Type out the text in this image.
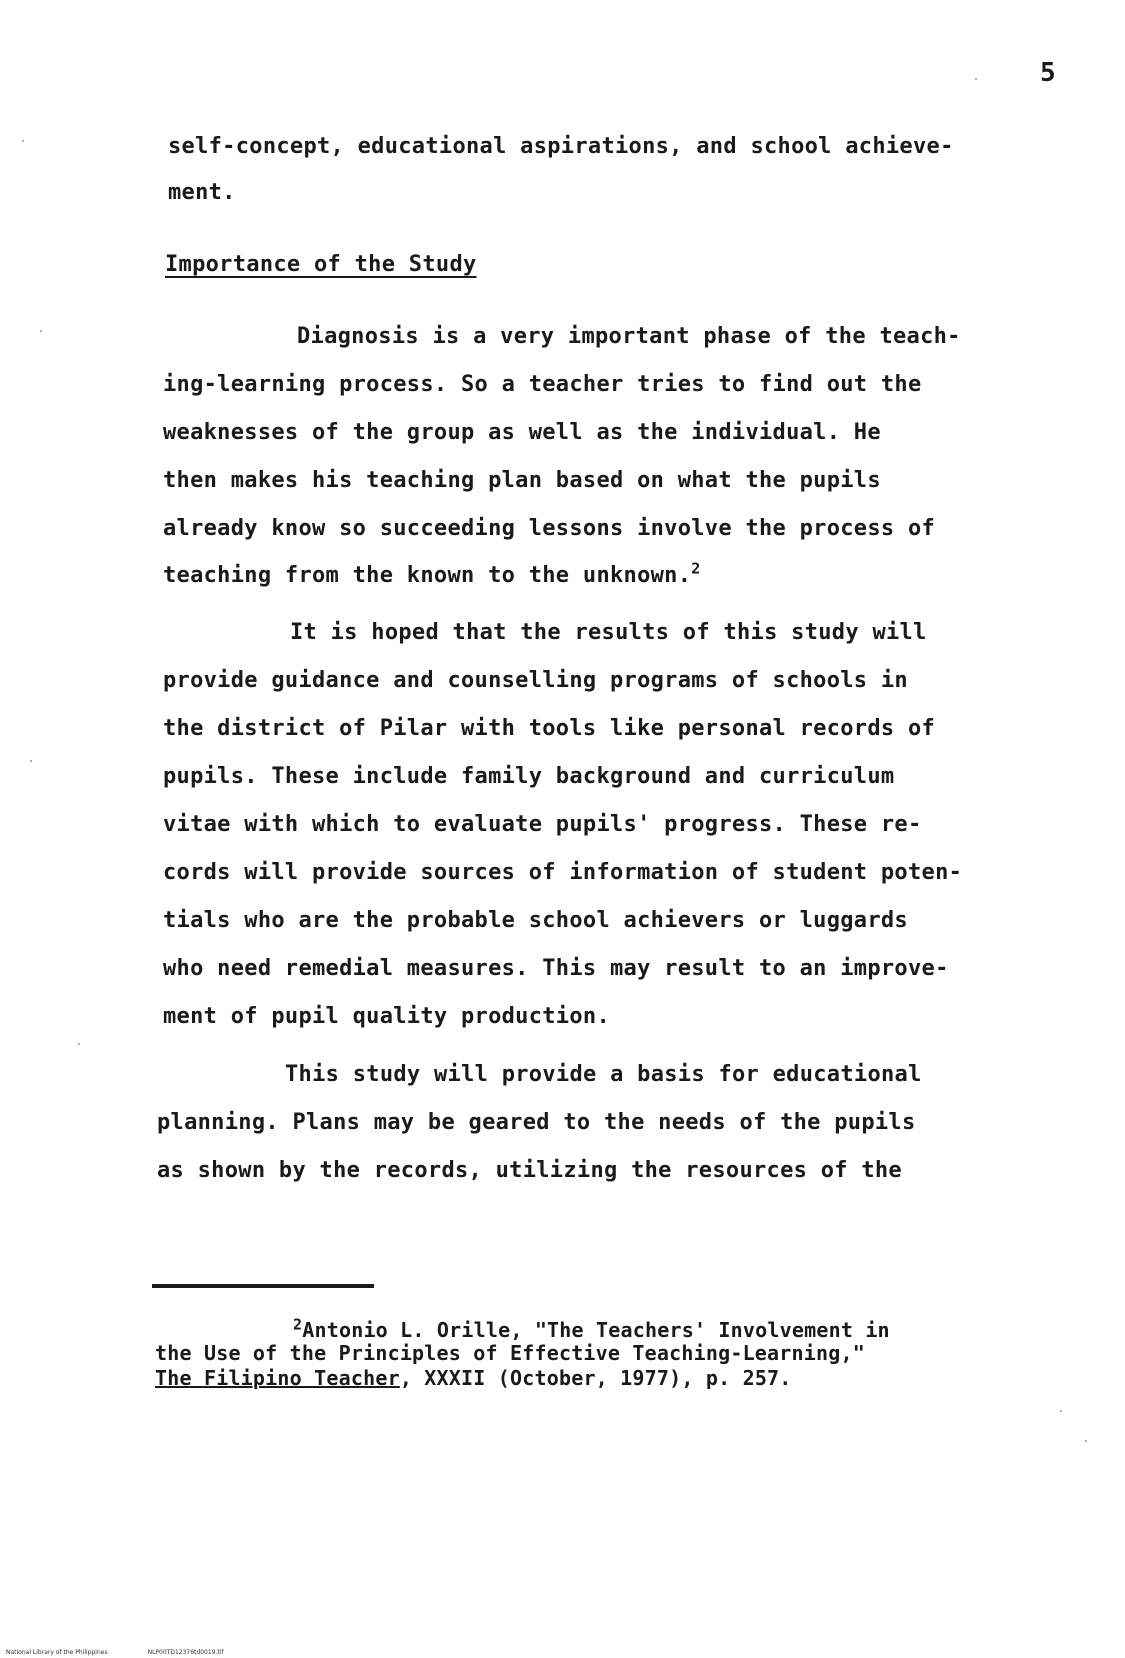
5
self-concept, educational aspirations, and school achieve-
ment.
Importance of the Study
Diagnosis is a very important phase of the teach-
ing-learning process. So a teacher tries to find out the
weaknesses of the group as well as the individual. He
then makes his teaching plan based on what the pupils
already know so succeeding lessons involve the process of
teaching from the known to the unknown.$^2$
It is hoped that the results of this study will
provide guidance and counselling programs of schools in
the district of Pilar with tools like personal records of
pupils. These include family background and curriculum
vitae with which to evaluate pupils' progress. These re-
cords will provide sources of information of student poten-
tials who are the probable school achievers or luggards
who need remedial measures. This may result to an improve-
ment of pupil quality production.
This study will provide a basis for educational
planning. Plans may be geared to the needs of the pupils
as shown by the records, utilizing the resources of the
$^2$Antonio L. Orille, "The Teachers' Involvement in
the Use of the Principles of Effective Teaching-Learning,"
The Filipino Teacher, XXXII (October, 1977), p. 257.
National Library of the Philippines	NLP00TD12376td0019.tif
